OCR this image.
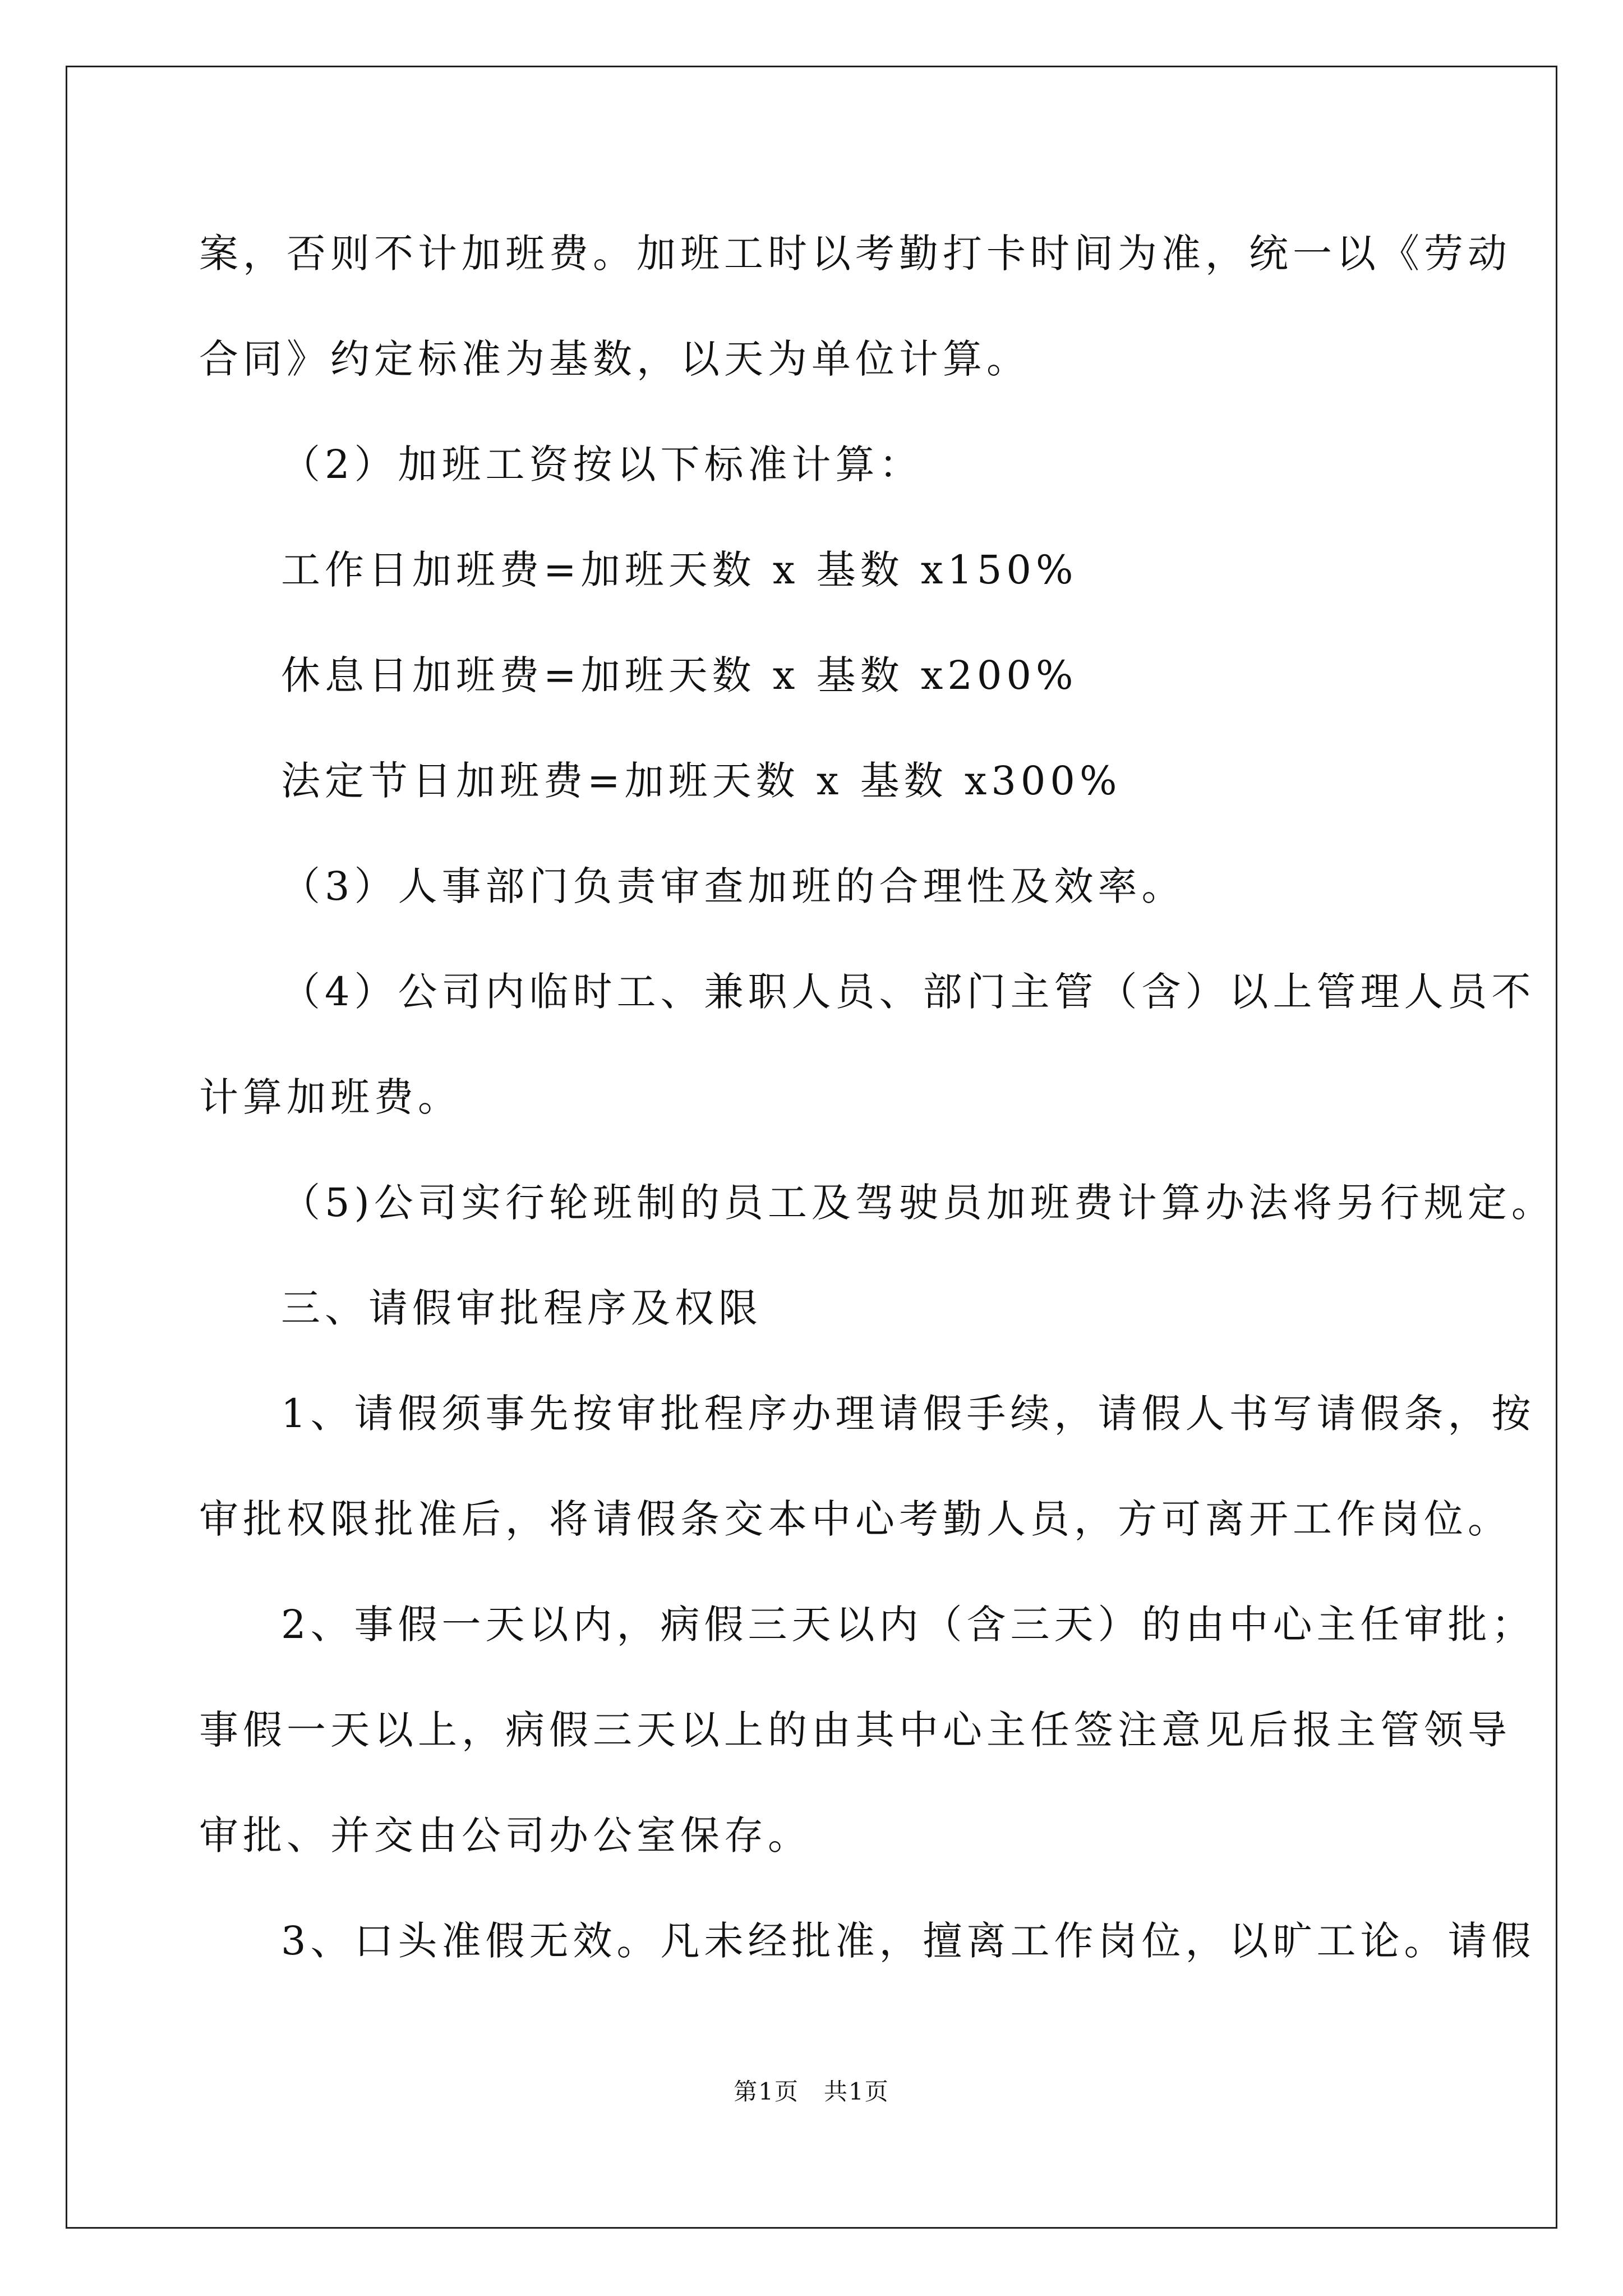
案，否则不计加班费。加班工时以考勤打卡时间为准，统一以《劳动
合同》约定标准为基数，以天为单位计算。
（2）加班工资按以下标准计算：
工作日加班费=加班天数 x 基数 x150%
休息日加班费=加班天数 x 基数 x200%
法定节日加班费=加班天数 x 基数 x300%
（3）人事部门负责审查加班的合理性及效率。
（4）公司内临时工、兼职人员、部门主管（含）以上管理人员不
计算加班费。
（5)公司实行轮班制的员工及驾驶员加班费计算办法将另行规定。
三、请假审批程序及权限
1、请假须事先按审批程序办理请假手续，请假人书写请假条，按
审批权限批准后，将请假条交本中心考勤人员，方可离开工作岗位。
2、事假一天以内，病假三天以内（含三天）的由中心主任审批；
事假一天以上，病假三天以上的由其中心主任签注意见后报主管领导
审批、并交由公司办公室保存。
3、口头准假无效。凡未经批准，擅离工作岗位，以旷工论。请假
第1页　共1页
